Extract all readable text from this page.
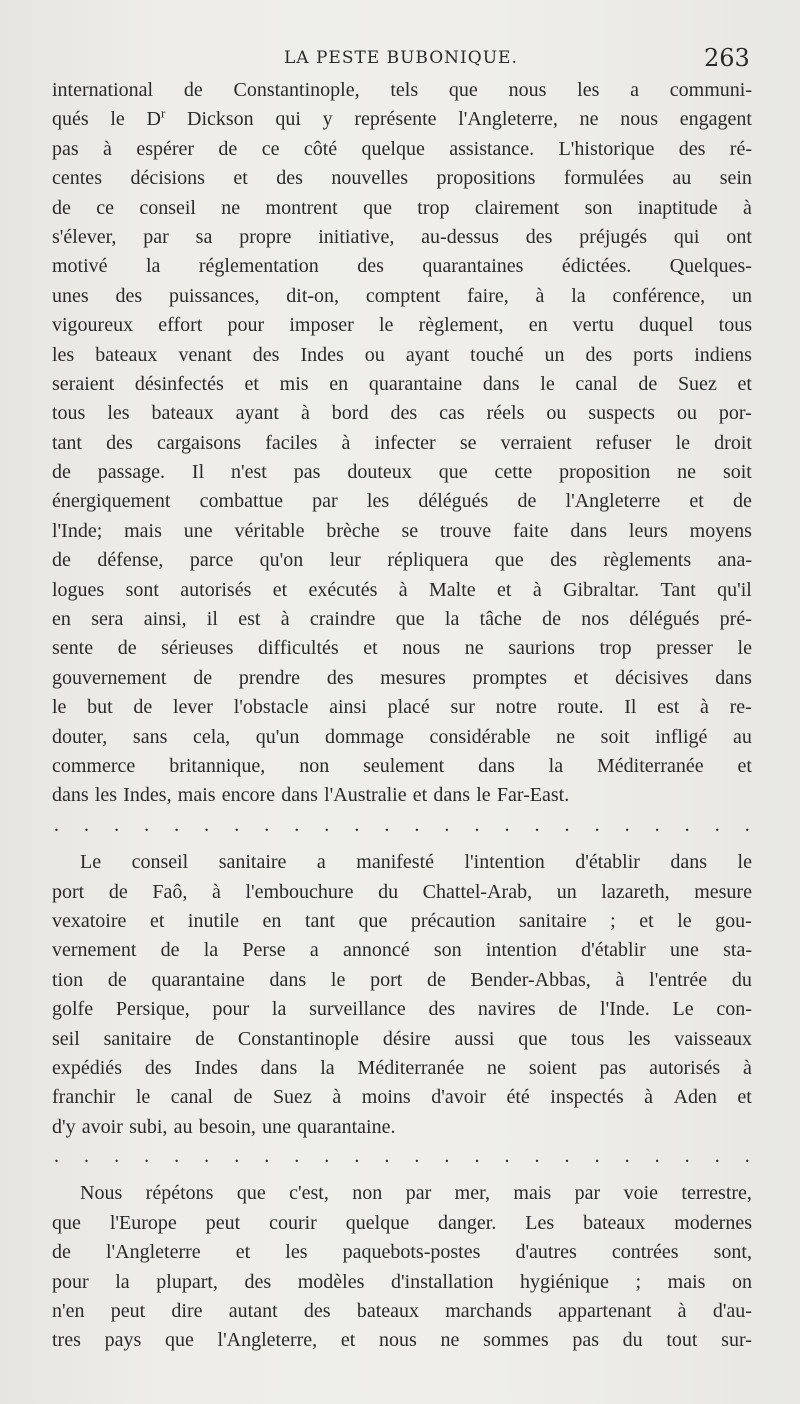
LA PESTE BUBONIQUE.	263
international de Constantinople, tels que nous les a communi-
qués le $D^r$ Dickson qui y représente l'Angleterre, ne nous engagent
pas à espérer de ce côté quelque assistance. L'historique des ré-
centes décisions et des nouvelles propositions formulées au sein
de ce conseil ne montrent que trop clairement son inaptitude à
s'élever, par sa propre initiative, au-dessus des préjugés qui ont
motivé la réglementation des quarantaines édictées. Quelques-
unes des puissances, dit-on, comptent faire, à la conférence, un
vigoureux effort pour imposer le règlement, en vertu duquel tous
les bateaux venant des Indes ou ayant touché un des ports indiens
seraient désinfectés et mis en quarantaine dans le canal de Suez et
tous les bateaux ayant à bord des cas réels ou suspects ou por-
tant des cargaisons faciles à infecter se verraient refuser le droit
de passage. Il n'est pas douteux que cette proposition ne soit
énergiquement combattue par les délégués de l'Angleterre et de
l'Inde; mais une véritable brèche se trouve faite dans leurs moyens
de défense, parce qu'on leur répliquera que des règlements ana-
logues sont autorisés et exécutés à Malte et à Gibraltar. Tant qu'il
en sera ainsi, il est à craindre que la tâche de nos délégués pré-
sente de sérieuses difficultés et nous ne saurions trop presser le
gouvernement de prendre des mesures promptes et décisives dans
le but de lever l'obstacle ainsi placé sur notre route. Il est à re-
douter, sans cela, qu'un dommage considérable ne soit infligé au
commerce britannique, non seulement dans la Méditerranée et
dans les Indes, mais encore dans l'Australie et dans le Far-East.
. . . . . . . . . . . . . . . . . . . . . . . .
Le conseil sanitaire a manifesté l'intention d'établir dans le
port de Faô, à l'embouchure du Chattel-Arab, un lazareth, mesure
vexatoire et inutile en tant que précaution sanitaire ; et le gou-
vernement de la Perse a annoncé son intention d'établir une sta-
tion de quarantaine dans le port de Bender-Abbas, à l'entrée du
golfe Persique, pour la surveillance des navires de l'Inde. Le con-
seil sanitaire de Constantinople désire aussi que tous les vaisseaux
expédiés des Indes dans la Méditerranée ne soient pas autorisés à
franchir le canal de Suez à moins d'avoir été inspectés à Aden et
d'y avoir subi, au besoin, une quarantaine.
. . . . . . . . . . . . . . . . . . . . . . . .
Nous répétons que c'est, non par mer, mais par voie terrestre,
que l'Europe peut courir quelque danger. Les bateaux modernes
de l'Angleterre et les paquebots-postes d'autres contrées sont,
pour la plupart, des modèles d'installation hygiénique ; mais on
n'en peut dire autant des bateaux marchands appartenant à d'au-
tres pays que l'Angleterre, et nous ne sommes pas du tout sur-
